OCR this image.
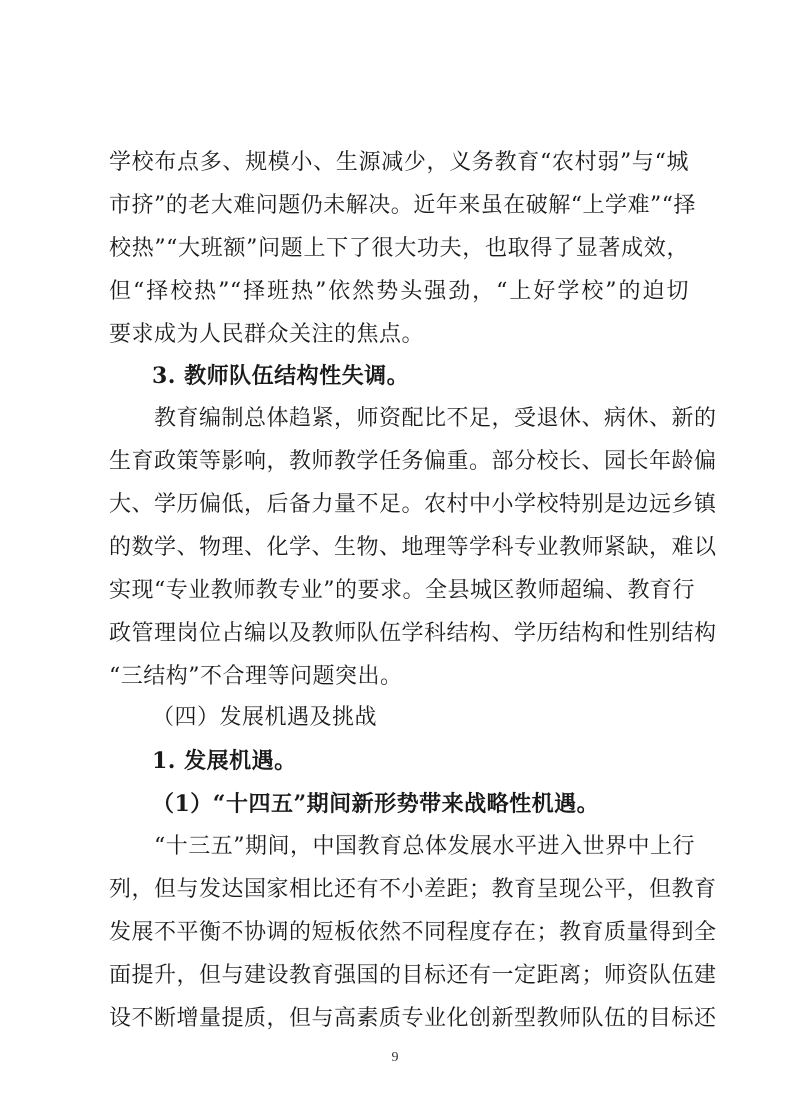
学校布点多、规模小、生源减少，义务教育“农村弱”与“城
市挤”的老大难问题仍未解决。近年来虽在破解“上学难”“择
校热”“大班额”问题上下了很大功夫，也取得了显著成效，
但“择校热”“择班热”依然势头强劲，“上好学校”的迫切
要求成为人民群众关注的焦点。
3. 教师队伍结构性失调。
　　教育编制总体趋紧，师资配比不足，受退休、病休、新的
生育政策等影响，教师教学任务偏重。部分校长、园长年龄偏
大、学历偏低，后备力量不足。农村中小学校特别是边远乡镇
的数学、物理、化学、生物、地理等学科专业教师紧缺，难以
实现“专业教师教专业”的要求。全县城区教师超编、教育行
政管理岗位占编以及教师队伍学科结构、学历结构和性别结构
“三结构”不合理等问题突出。
（四）发展机遇及挑战
1. 发展机遇。
（1）“十四五”期间新形势带来战略性机遇。
　　“十三五”期间，中国教育总体发展水平进入世界中上行
列，但与发达国家相比还有不小差距；教育呈现公平，但教育
发展不平衡不协调的短板依然不同程度存在；教育质量得到全
面提升，但与建设教育强国的目标还有一定距离；师资队伍建
设不断增量提质，但与高素质专业化创新型教师队伍的目标还
9
